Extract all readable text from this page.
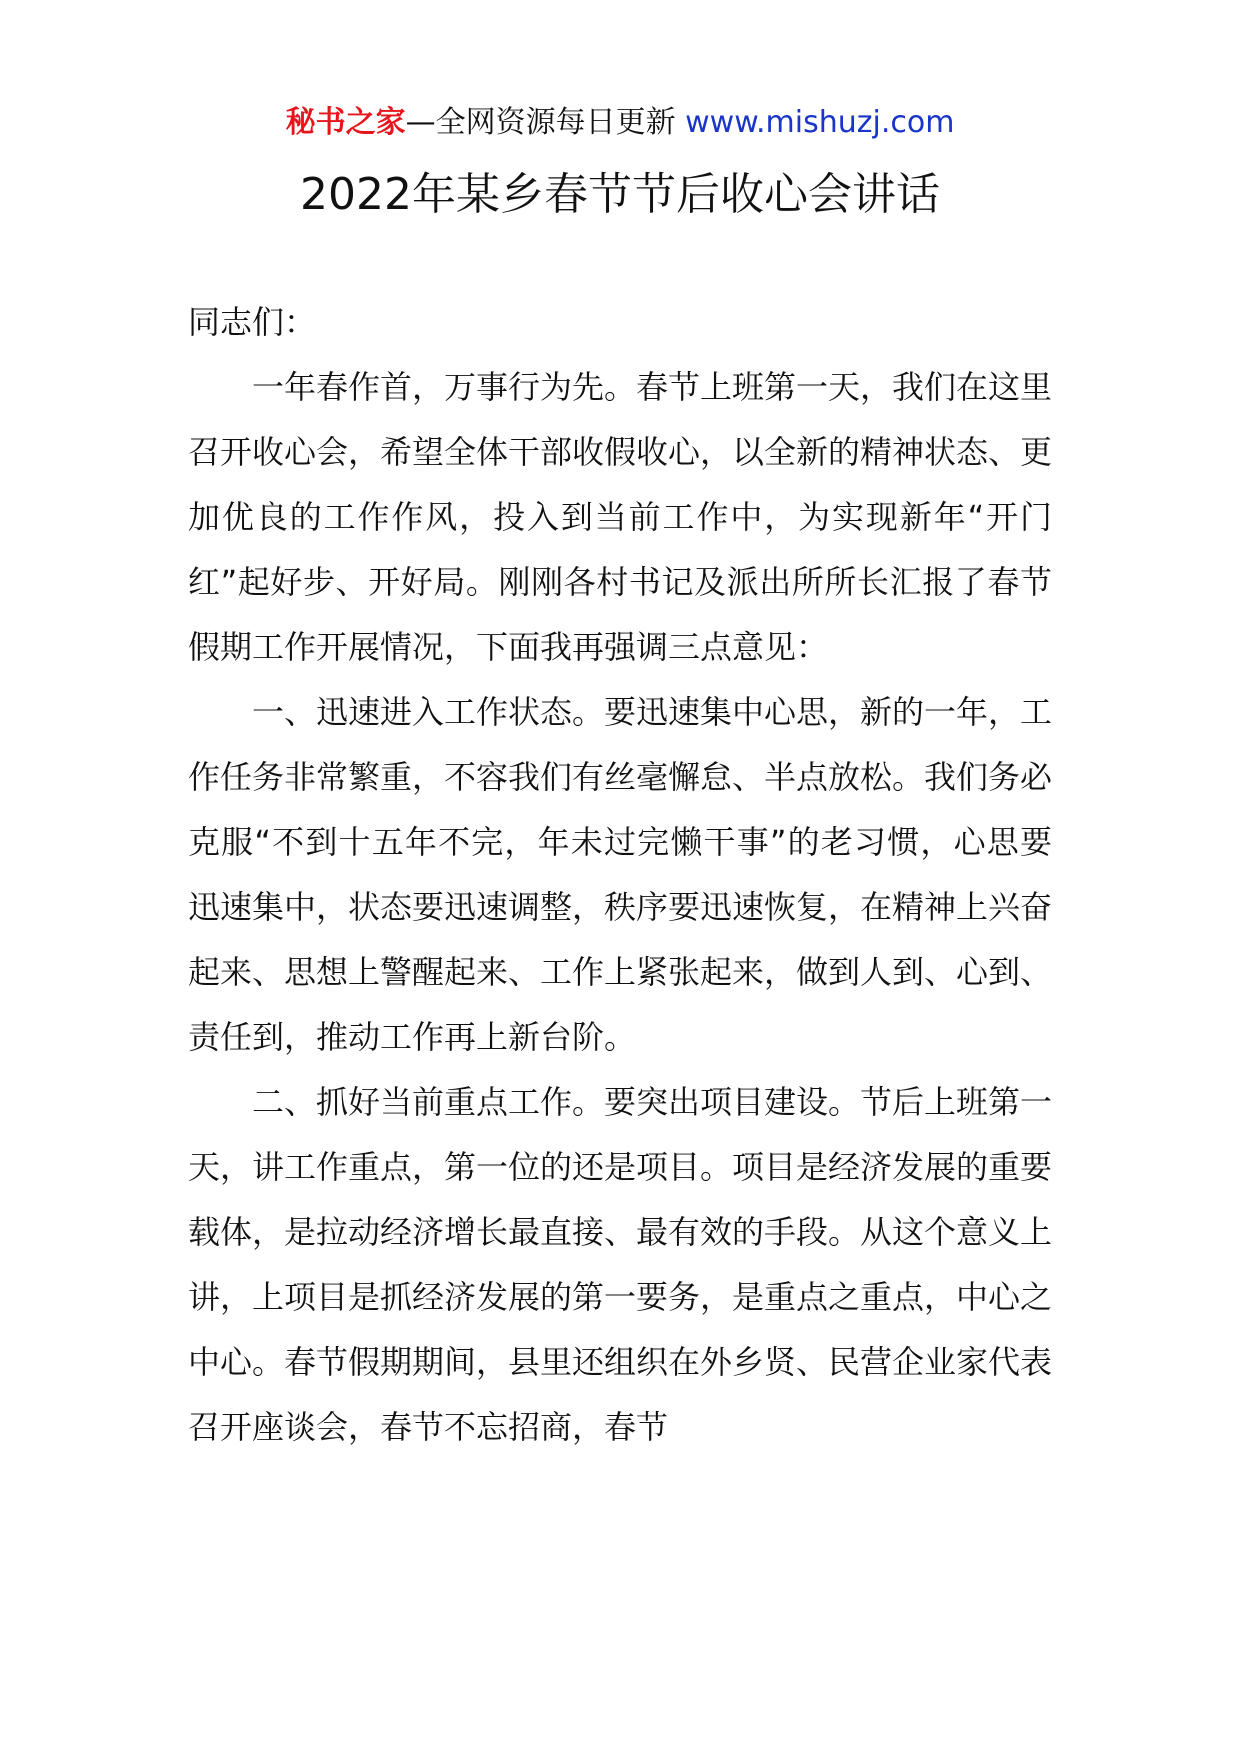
秘书之家—全网资源每日更新 www.mishuzj.com
2022年某乡春节节后收心会讲话

同志们：

一年春作首，万事行为先。春节上班第一天，我们在这里召开收心会，希望全体干部收假收心，以全新的精神状态、更加优良的工作作风，投入到当前工作中，为实现新年“开门红”起好步、开好局。刚刚各村书记及派出所所长汇报了春节假期工作开展情况，下面我再强调三点意见：

一、迅速进入工作状态。要迅速集中心思，新的一年，工作任务非常繁重，不容我们有丝毫懈怠、半点放松。我们务必克服“不到十五年不完，年未过完懒干事”的老习惯，心思要迅速集中，状态要迅速调整，秩序要迅速恢复，在精神上兴奋起来、思想上警醒起来、工作上紧张起来，做到人到、心到、责任到，推动工作再上新台阶。

二、抓好当前重点工作。要突出项目建设。节后上班第一天，讲工作重点，第一位的还是项目。项目是经济发展的重要载体，是拉动经济增长最直接、最有效的手段。从这个意义上讲，上项目是抓经济发展的第一要务，是重点之重点，中心之中心。春节假期期间，县里还组织在外乡贤、民营企业家代表召开座谈会，春节不忘招商，春节
